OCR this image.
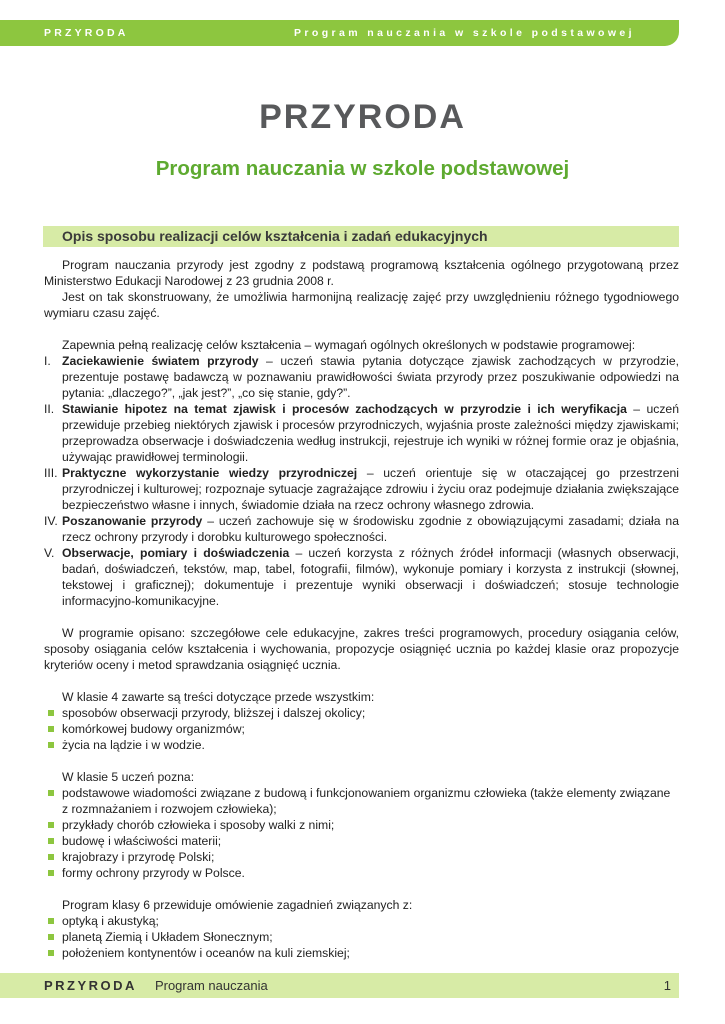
PRZYRODA	Program nauczania w szkole podstawowej
PRZYRODA
Program nauczania w szkole podstawowej
Opis sposobu realizacji celów kształcenia i zadań edukacyjnych

Program nauczania przyrody jest zgodny z podstawą programową kształcenia ogólnego przygotowaną przez Ministerstwo Edukacji Narodowej z 23 grudnia 2008 r.

Jest on tak skonstruowany, że umożliwia harmonijną realizację zajęć przy uwzględnieniu różnego tygodniowego wymiaru czasu zajęć.

Zapewnia pełną realizację celów kształcenia – wymagań ogólnych określonych w podstawie programowej:

I. Zaciekawienie światem przyrody – uczeń stawia pytania dotyczące zjawisk zachodzących w przyrodzie, prezentuje postawę badawczą w poznawaniu prawidłowości świata przyrody przez poszukiwanie odpowiedzi na pytania: „dlaczego?”, „jak jest?”, „co się stanie, gdy?”.
II. Stawianie hipotez na temat zjawisk i procesów zachodzących w przyrodzie i ich weryfikacja – uczeń przewiduje przebieg niektórych zjawisk i procesów przyrodniczych, wyjaśnia proste zależności między zjawiskami; przeprowadza obserwacje i doświadczenia według instrukcji, rejestruje ich wyniki w różnej formie oraz je objaśnia, używając prawidłowej terminologii.
III. Praktyczne wykorzystanie wiedzy przyrodniczej – uczeń orientuje się w otaczającej go przestrzeni przyrodniczej i kulturowej; rozpoznaje sytuacje zagrażające zdrowiu i życiu oraz podejmuje działania zwiększające bezpieczeństwo własne i innych, świadomie działa na rzecz ochrony własnego zdrowia.
IV. Poszanowanie przyrody – uczeń zachowuje się w środowisku zgodnie z obowiązującymi zasadami; działa na rzecz ochrony przyrody i dorobku kulturowego społeczności.
V. Obserwacje, pomiary i doświadczenia – uczeń korzysta z różnych źródeł informacji (własnych obserwacji, badań, doświadczeń, tekstów, map, tabel, fotografii, filmów), wykonuje pomiary i korzysta z instrukcji (słownej, tekstowej i graficznej); dokumentuje i prezentuje wyniki obserwacji i doświadczeń; stosuje technologie informacyjno-komunikacyjne.

W programie opisano: szczegółowe cele edukacyjne, zakres treści programowych, procedury osiągania celów, sposoby osiągania celów kształcenia i wychowania, propozycje osiągnięć ucznia po każdej klasie oraz propozycje kryteriów oceny i metod sprawdzania osiągnięć ucznia.

W klasie 4 zawarte są treści dotyczące przede wszystkim:

sposobów obserwacji przyrody, bliższej i dalszej okolicy;
komórkowej budowy organizmów;
życia na lądzie i w wodzie.

W klasie 5 uczeń pozna:

podstawowe wiadomości związane z budową i funkcjonowaniem organizmu człowieka (także elementy związane z rozmnażaniem i rozwojem człowieka);
przykłady chorób człowieka i sposoby walki z nimi;
budowę i właściwości materii;
krajobrazy i przyrodę Polski;
formy ochrony przyrody w Polsce.

Program klasy 6 przewiduje omówienie zagadnień związanych z:

optyką i akustyką;
planetą Ziemią i Układem Słonecznym;
położeniem kontynentów i oceanów na kuli ziemskiej;
PRZYRODA Program nauczania	1
